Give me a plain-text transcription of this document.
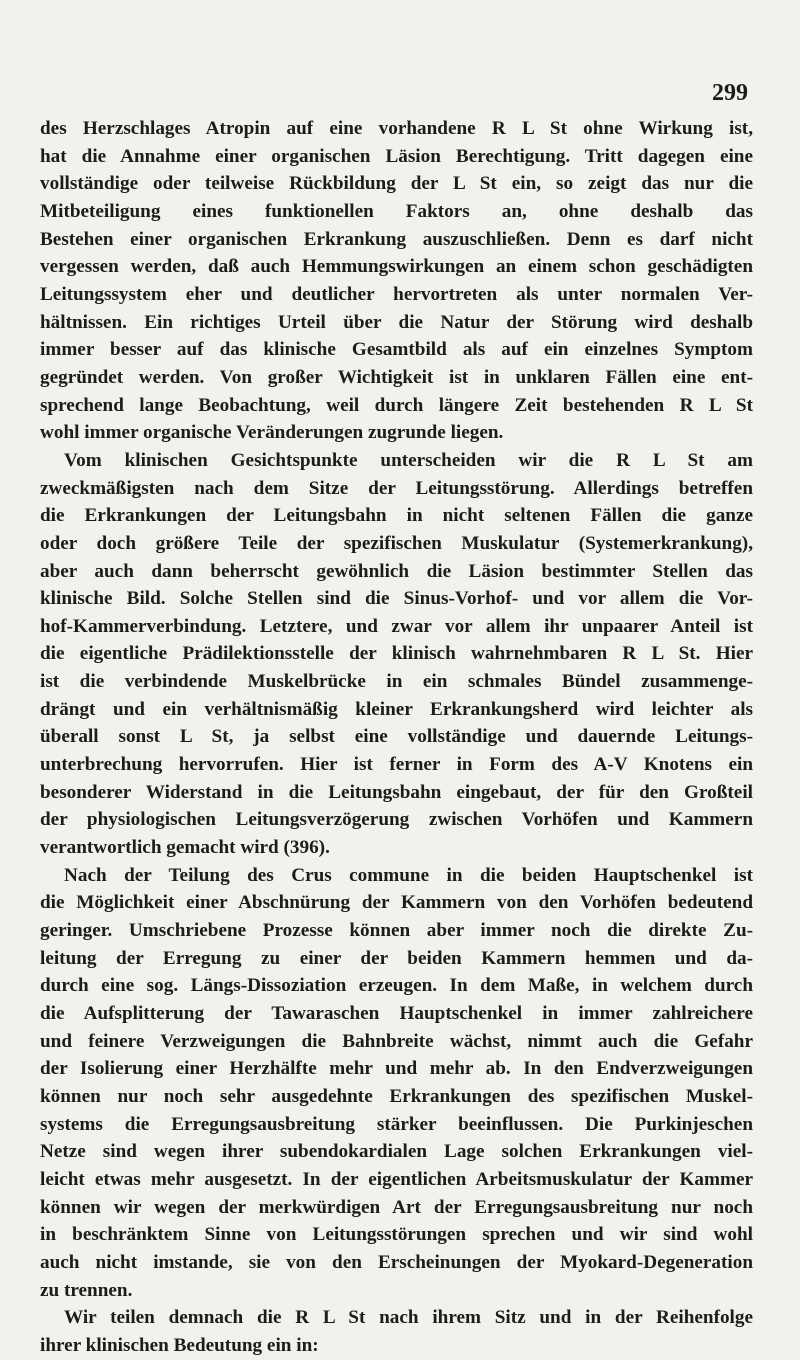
299
des Herzschlages Atropin auf eine vorhandene R L St ohne Wirkung ist,
hat die Annahme einer organischen Läsion Berechtigung. Tritt dagegen eine
vollständige oder teilweise Rückbildung der L St ein, so zeigt das nur die
Mitbeteiligung eines funktionellen Faktors an, ohne deshalb das
Bestehen einer organischen Erkrankung auszuschließen. Denn es darf nicht
vergessen werden, daß auch Hemmungswirkungen an einem schon geschädigten
Leitungssystem eher und deutlicher hervortreten als unter normalen Ver-
hältnissen. Ein richtiges Urteil über die Natur der Störung wird deshalb
immer besser auf das klinische Gesamtbild als auf ein einzelnes Symptom
gegründet werden. Von großer Wichtigkeit ist in unklaren Fällen eine ent-
sprechend lange Beobachtung, weil durch längere Zeit bestehenden R L St
wohl immer organische Veränderungen zugrunde liegen.
Vom klinischen Gesichtspunkte unterscheiden wir die R L St am
zweckmäßigsten nach dem Sitze der Leitungsstörung. Allerdings betreffen
die Erkrankungen der Leitungsbahn in nicht seltenen Fällen die ganze
oder doch größere Teile der spezifischen Muskulatur (Systemerkrankung),
aber auch dann beherrscht gewöhnlich die Läsion bestimmter Stellen das
klinische Bild. Solche Stellen sind die Sinus-Vorhof- und vor allem die Vor-
hof-Kammerverbindung. Letztere, und zwar vor allem ihr unpaarer Anteil ist
die eigentliche Prädilektionsstelle der klinisch wahrnehmbaren R L St. Hier
ist die verbindende Muskelbrücke in ein schmales Bündel zusammenge-
drängt und ein verhältnismäßig kleiner Erkrankungsherd wird leichter als
überall sonst L St, ja selbst eine vollständige und dauernde Leitungs-
unterbrechung hervorrufen. Hier ist ferner in Form des A-V Knotens ein
besonderer Widerstand in die Leitungsbahn eingebaut, der für den Großteil
der physiologischen Leitungsverzögerung zwischen Vorhöfen und Kammern
verantwortlich gemacht wird (396).
Nach der Teilung des Crus commune in die beiden Hauptschenkel ist
die Möglichkeit einer Abschnürung der Kammern von den Vorhöfen bedeutend
geringer. Umschriebene Prozesse können aber immer noch die direkte Zu-
leitung der Erregung zu einer der beiden Kammern hemmen und da-
durch eine sog. Längs-Dissoziation erzeugen. In dem Maße, in welchem durch
die Aufsplitterung der Tawaraschen Hauptschenkel in immer zahlreichere
und feinere Verzweigungen die Bahnbreite wächst, nimmt auch die Gefahr
der Isolierung einer Herzhälfte mehr und mehr ab. In den Endverzweigungen
können nur noch sehr ausgedehnte Erkrankungen des spezifischen Muskel-
systems die Erregungsausbreitung stärker beeinflussen. Die Purkinjeschen
Netze sind wegen ihrer subendokardialen Lage solchen Erkrankungen viel-
leicht etwas mehr ausgesetzt. In der eigentlichen Arbeitsmuskulatur der Kammer
können wir wegen der merkwürdigen Art der Erregungsausbreitung nur noch
in beschränktem Sinne von Leitungsstörungen sprechen und wir sind wohl
auch nicht imstande, sie von den Erscheinungen der Myokard-Degeneration
zu trennen.
Wir teilen demnach die R L St nach ihrem Sitz und in der Reihenfolge
ihrer klinischen Bedeutung ein in:
